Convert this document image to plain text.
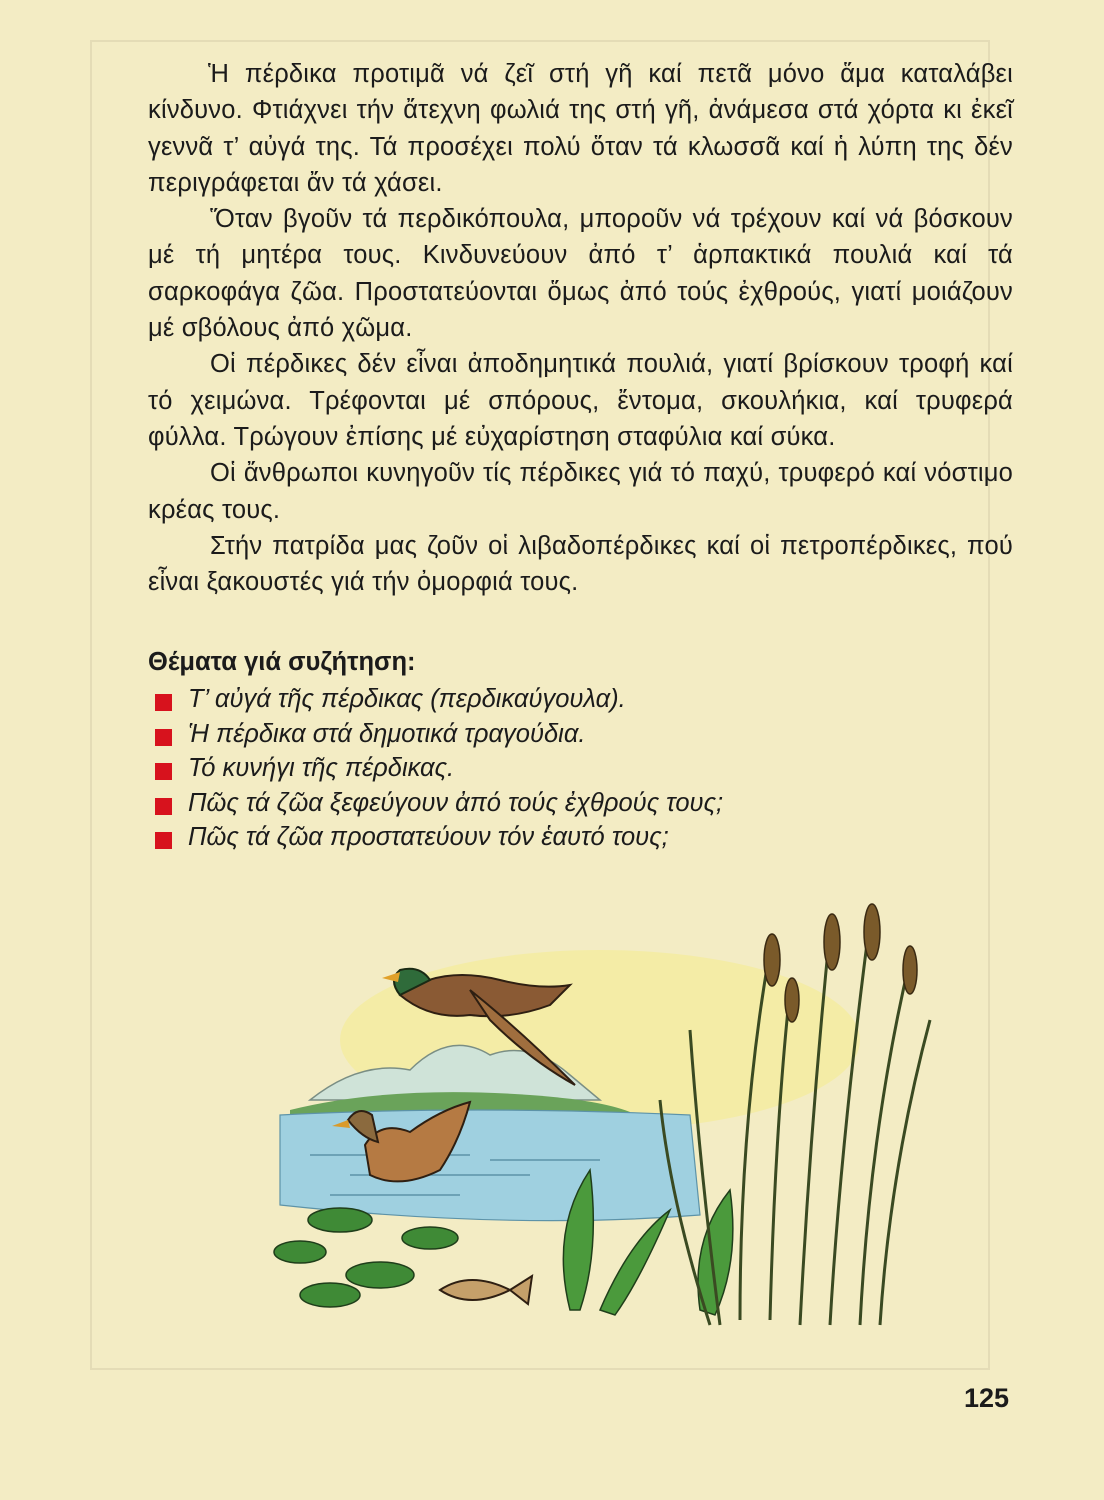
Ἡ πέρδικα προτιμᾶ νά ζεῖ στή γῆ καί πετᾶ μόνο ἅμα καταλάβει κίνδυνο. Φτιάχνει τήν ἄτεχνη φωλιά της στή γῆ, ἀνάμεσα στά χόρτα κι ἐκεῖ γεννᾶ τ’ αὐγά της. Τά προσέχει πολύ ὅταν τά κλωσσᾶ καί ἡ λύπη της δέν περιγράφεται ἄν τά χάσει.

Ὅταν βγοῦν τά περδικόπουλα, μποροῦν νά τρέχουν καί νά βόσκουν μέ τή μητέρα τους. Κινδυνεύουν ἀπό τ’ ἁρπακτικά πουλιά καί τά σαρκοφάγα ζῶα. Προστατεύονται ὅμως ἀπό τούς ἐχθρούς, γιατί μοιάζουν μέ σβόλους ἀπό χῶμα.

Οἱ πέρδικες δέν εἶναι ἀποδημητικά πουλιά, γιατί βρίσκουν τροφή καί τό χειμώνα. Τρέφονται μέ σπόρους, ἔντομα, σκουλήκια, καί τρυφερά φύλλα. Τρώγουν ἐπίσης μέ εὐχαρίστηση σταφύλια καί σύκα.

Οἱ ἄνθρωποι κυνηγοῦν τίς πέρδικες γιά τό παχύ, τρυφερό καί νόστιμο κρέας τους.

Στήν πατρίδα μας ζοῦν οἱ λιβαδοπέρδικες καί οἱ πετροπέρδικες, πού εἶναι ξακουστές γιά τήν ὀμορφιά τους.

Θέματα γιά συζήτηση:
Τ’ αὐγά τῆς πέρδικας (περδικαύγουλα).
Ἡ πέρδικα στά δημοτικά τραγούδια.
Τό κυνήγι τῆς πέρδικας.
Πῶς τά ζῶα ξεφεύγουν ἀπό τούς ἐχθρούς τους;
Πῶς τά ζῶα προστατεύουν τόν ἑαυτό τους;
125
